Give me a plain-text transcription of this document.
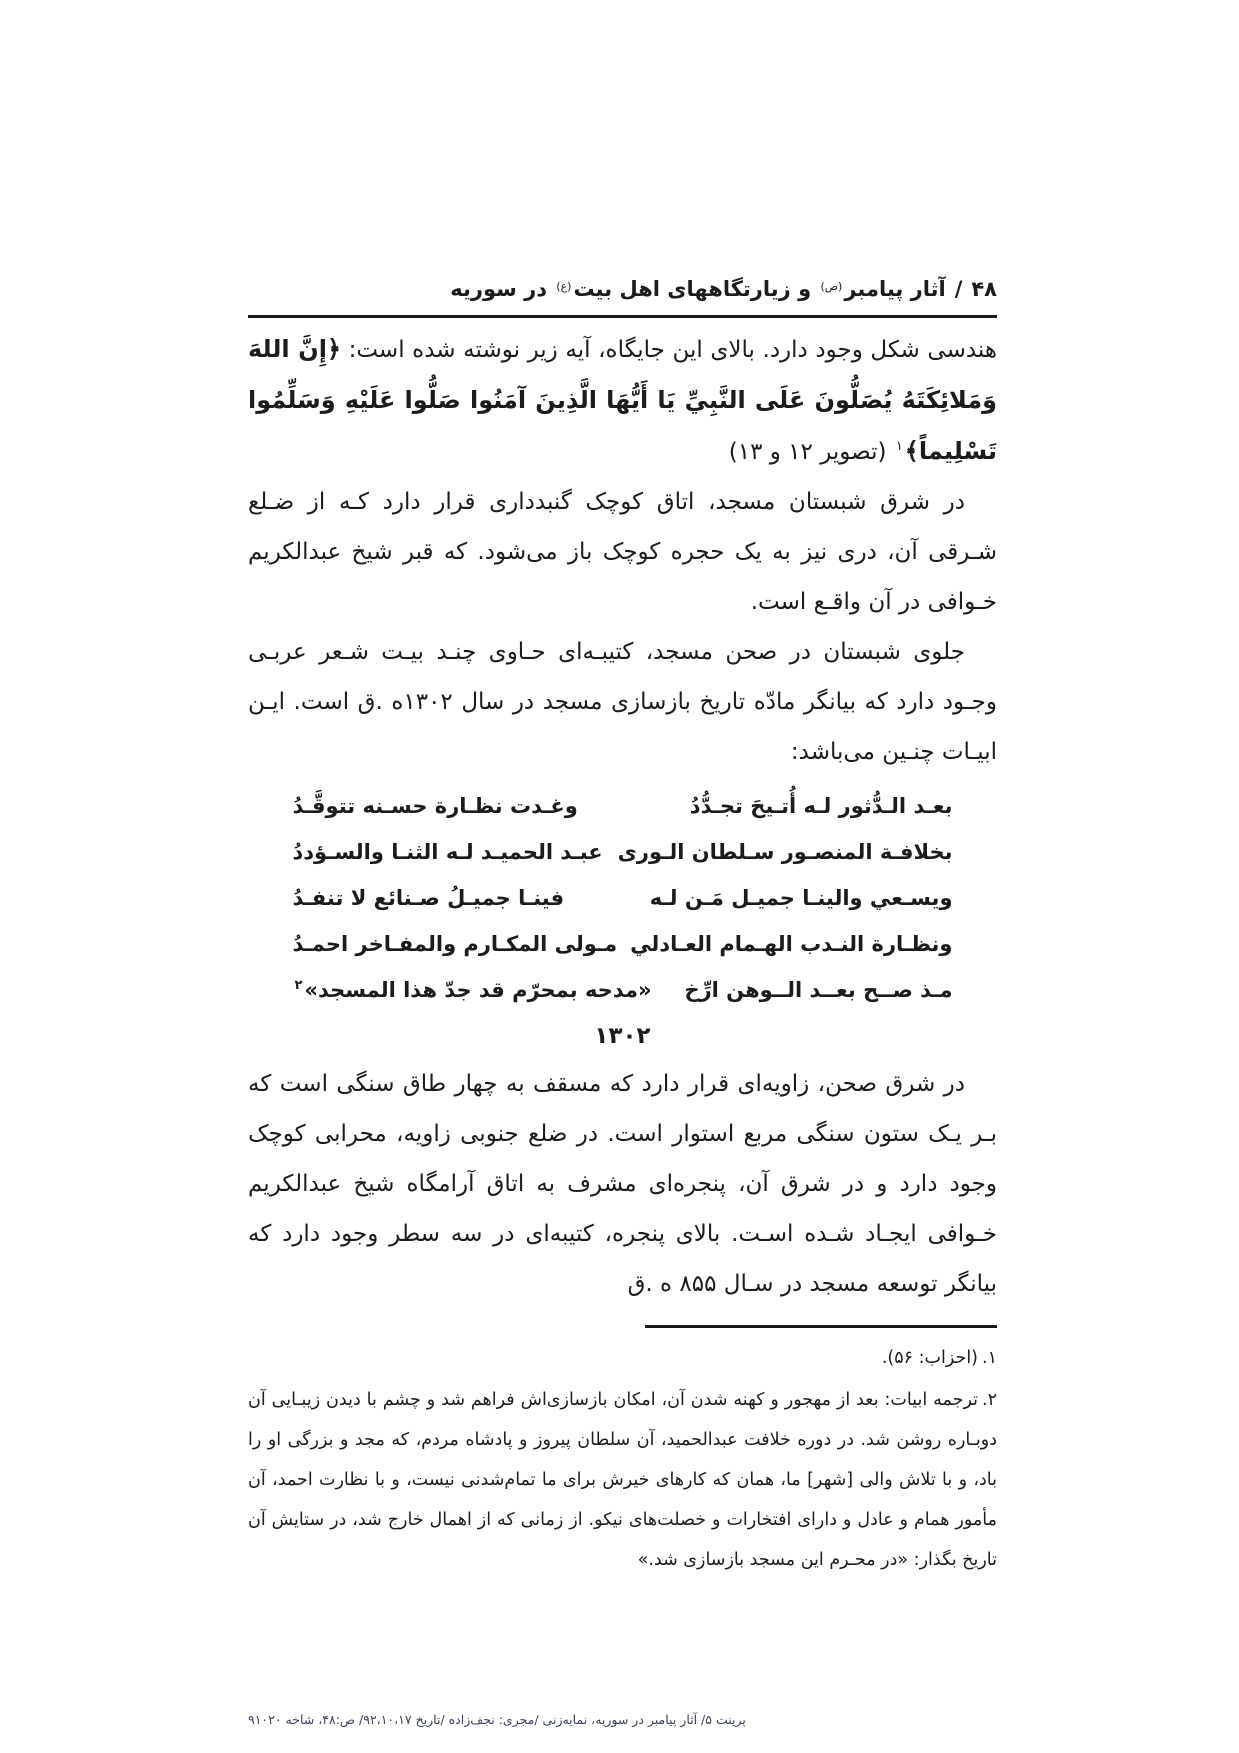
۴۸
/
آثار پیامبر$^{(ص)}$ و زیارتگاههای اهل بیت$^{(ع)}$ در سوریه

هندسی شکل وجود دارد. بالای این جایگاه، آیه زیر نوشته شده است: ﴿إِنَّ اللهَ وَمَلائِكَتَهُ يُصَلُّونَ عَلَى النَّبِيِّ يَا أَيُّهَا الَّذِينَ آمَنُوا صَلُّوا عَلَيْهِ وَسَلِّمُوا تَسْلِيماً﴾$^۱$ (تصویر ۱۲ و ۱۳)

در شرق شبستان مسجد، اتاق کوچک گنبدداری قرار دارد کـه از ضـلع شـرقی آن، دری نیز به یک حجره کوچک باز می‌شود. که قبر شیخ عبدالکریم خـوافی در آن واقـع است.

جلوی شبستان در صحن مسجد، کتیبـه‌ای حـاوی چنـد بیـت شـعر عربـی وجـود دارد که بیانگر مادّه تاریخ بازسازی مسجد در سال ۱۳۰۲ه .ق است. ایـن ابیـات چنـین می‌باشد:

بعـد الـدُّثور لـه أُتـيحَ تجـدُّدُ
وغـدت نظـارة حسـنه تتوقَّـدُ
بخلافـة المنصـور سـلطان الـورى
عبـد الحميـد لـه الثنـا والسـؤددُ
ويسـعي والينـا جميـل مَـن لـه
فينـا جميـلُ صـنائع لا تنفـدُ
ونظـارة النـدب الهـمام العـادلي
مـولى المكـارم والمفـاخر احمـدُ
مـذ صــح بعــد الــوهن ارِّخ
«مدحه بمحرّم قد جدّ هذا المسجد»$^۲$
۱۳۰۲

در شرق صحن، زاویه‌ای قرار دارد که مسقف به چهار طاق سنگی است که بـر یـک ستون سنگی مربع استوار است. در ضلع جنوبی زاویه، محرابی کوچک وجود دارد و در شرق آن، پنجره‌ای مشرف به اتاق آرامگاه شیخ عبدالکریم خـوافی ایجـاد شـده اسـت. بالای پنجره، کتیبه‌ای در سه سطر وجود دارد که بیانگر توسعه مسجد در سـال ۸۵۵ ه .ق

۱.(احزاب: ۵۶).
۲.ترجمه ابیات: بعد از مهجور و کهنه شدن آن، امکان بازسازی‌اش فراهم شد و چشم با دیدن زیبـایی آن دوبـاره روشن شد. در دوره خلافت عبدالحمید، آن سلطان پیروز و پادشاه مردم، که مجد و بزرگی او را باد، و با تلاش والی [شهر] ما، همان که کارهای خیرش برای ما تمام‌شدنی نیست، و با نظارت احمد، آن مأمور همام و عادل و دارای افتخارات و خصلت‌های نیکو. از زمانی که از اهمال خارج شد، در ستایش آن تاریخ بگذار: «در محـرم این مسجد بازسازی شد.»
پرینت ۵/ آثار پیامبر در سوریه، نمایه‌زنی /مجری: نجف‌زاده /تاریخ ۹۲،۱۰،۱۷/ ص:۴۸، شاخه ۹۱۰۲۰
